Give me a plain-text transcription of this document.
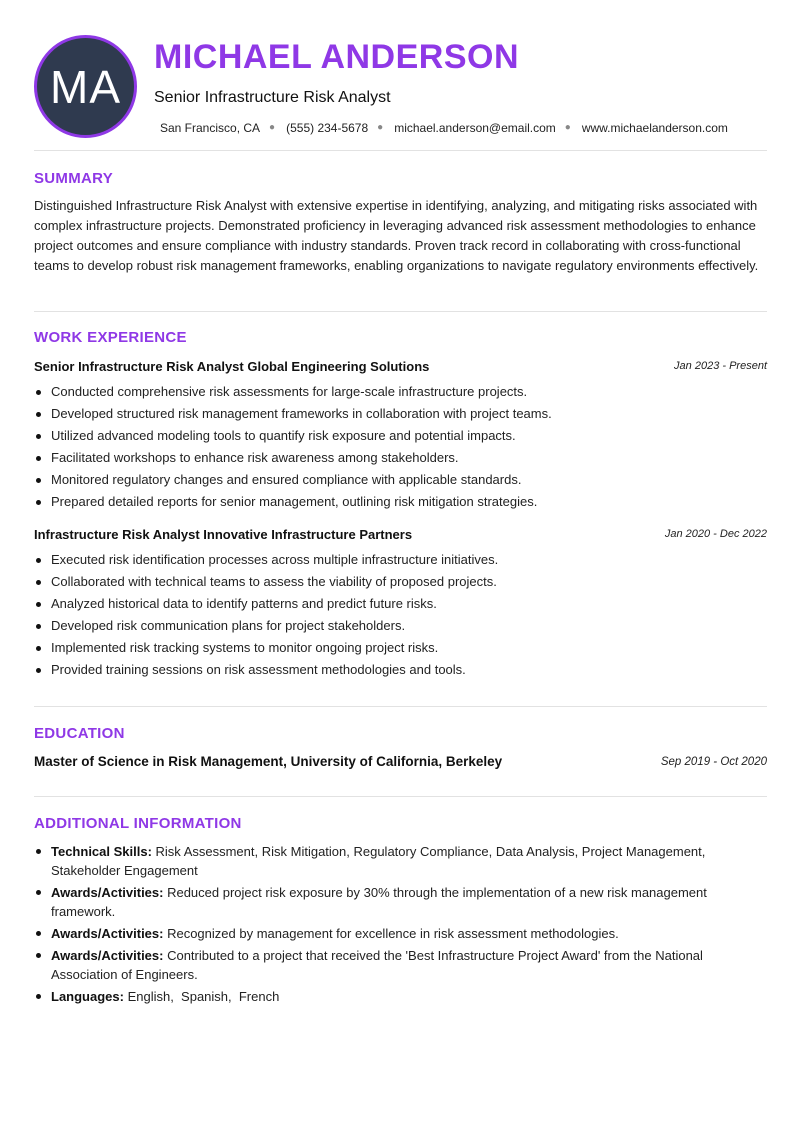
MA
MICHAEL ANDERSON
Senior Infrastructure Risk Analyst
San Francisco, CA ● (555) 234-5678 ● michael.anderson@email.com ● www.michaelanderson.com
SUMMARY
Distinguished Infrastructure Risk Analyst with extensive expertise in identifying, analyzing, and mitigating risks associated with complex infrastructure projects. Demonstrated proficiency in leveraging advanced risk assessment methodologies to enhance project outcomes and ensure compliance with industry standards. Proven track record in collaborating with cross-functional teams to develop robust risk management frameworks, enabling organizations to navigate regulatory environments effectively.
WORK EXPERIENCE
Senior Infrastructure Risk Analyst Global Engineering Solutions	Jan 2023 - Present
Conducted comprehensive risk assessments for large-scale infrastructure projects.
Developed structured risk management frameworks in collaboration with project teams.
Utilized advanced modeling tools to quantify risk exposure and potential impacts.
Facilitated workshops to enhance risk awareness among stakeholders.
Monitored regulatory changes and ensured compliance with applicable standards.
Prepared detailed reports for senior management, outlining risk mitigation strategies.
Infrastructure Risk Analyst Innovative Infrastructure Partners	Jan 2020 - Dec 2022
Executed risk identification processes across multiple infrastructure initiatives.
Collaborated with technical teams to assess the viability of proposed projects.
Analyzed historical data to identify patterns and predict future risks.
Developed risk communication plans for project stakeholders.
Implemented risk tracking systems to monitor ongoing project risks.
Provided training sessions on risk assessment methodologies and tools.
EDUCATION
Master of Science in Risk Management, University of California, Berkeley	Sep 2019 - Oct 2020
ADDITIONAL INFORMATION
Technical Skills: Risk Assessment, Risk Mitigation, Regulatory Compliance, Data Analysis, Project Management, Stakeholder Engagement
Awards/Activities: Reduced project risk exposure by 30% through the implementation of a new risk management framework.
Awards/Activities: Recognized by management for excellence in risk assessment methodologies.
Awards/Activities: Contributed to a project that received the 'Best Infrastructure Project Award' from the National Association of Engineers.
Languages: English,  Spanish,  French
